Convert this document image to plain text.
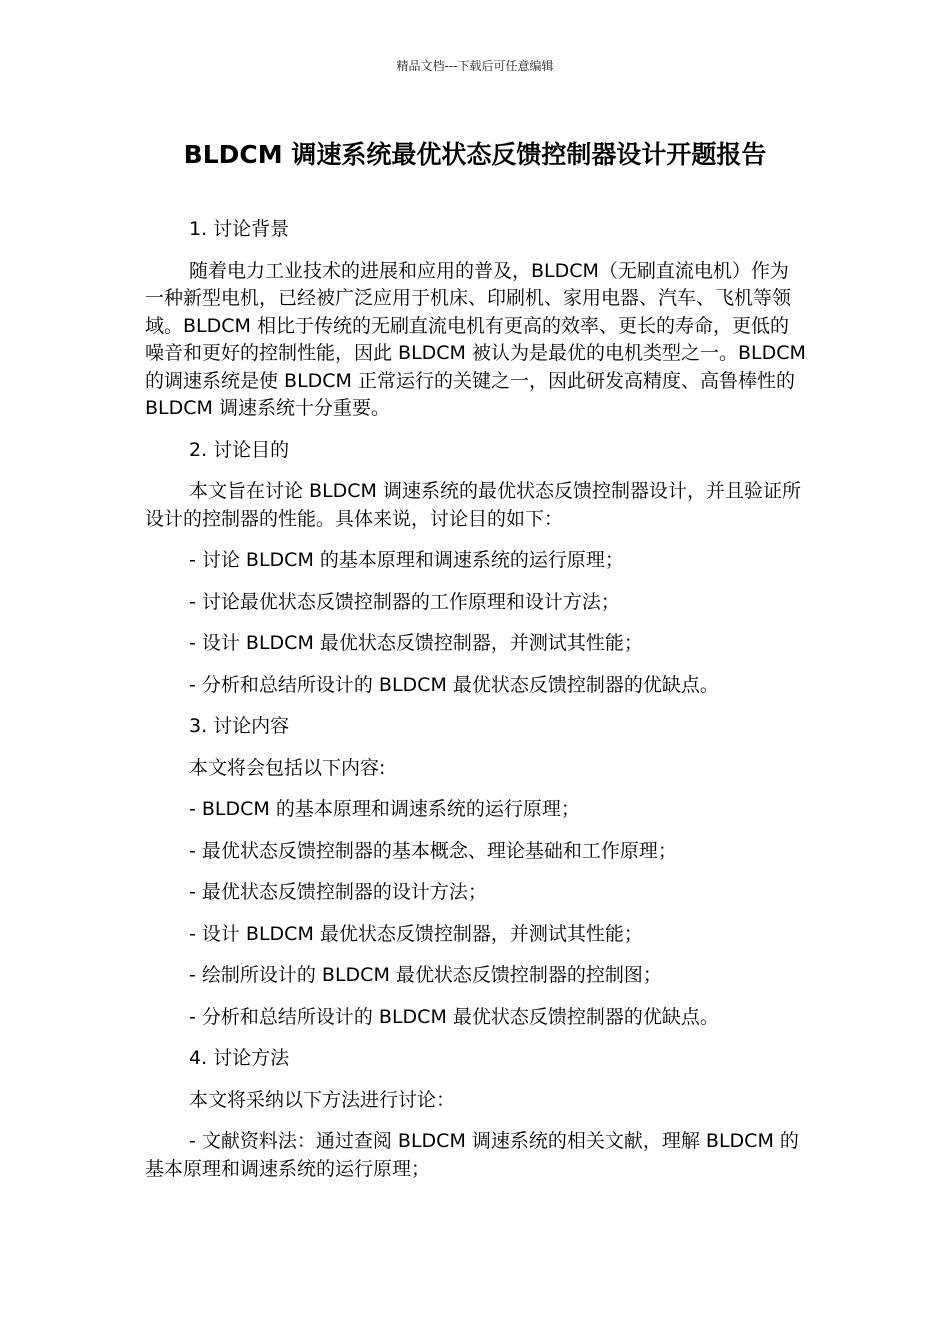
精品文档---下载后可任意编辑
BLDCM 调速系统最优状态反馈控制器设计开题报告

1. 讨论背景

随着电力工业技术的进展和应用的普及，BLDCM（无刷直流电机）作为一种新型电机，已经被广泛应用于机床、印刷机、家用电器、汽车、飞机等领域。BLDCM 相比于传统的无刷直流电机有更高的效率、更长的寿命，更低的噪音和更好的控制性能，因此 BLDCM 被认为是最优的电机类型之一。BLDCM 的调速系统是使 BLDCM 正常运行的关键之一，因此研发高精度、高鲁棒性的 BLDCM 调速系统十分重要。

2. 讨论目的

本文旨在讨论 BLDCM 调速系统的最优状态反馈控制器设计，并且验证所设计的控制器的性能。具体来说，讨论目的如下：

- 讨论 BLDCM 的基本原理和调速系统的运行原理；

- 讨论最优状态反馈控制器的工作原理和设计方法；

- 设计 BLDCM 最优状态反馈控制器，并测试其性能；

- 分析和总结所设计的 BLDCM 最优状态反馈控制器的优缺点。

3. 讨论内容

本文将会包括以下内容:

- BLDCM 的基本原理和调速系统的运行原理；

- 最优状态反馈控制器的基本概念、理论基础和工作原理；

- 最优状态反馈控制器的设计方法；

- 设计 BLDCM 最优状态反馈控制器，并测试其性能；

- 绘制所设计的 BLDCM 最优状态反馈控制器的控制图；

- 分析和总结所设计的 BLDCM 最优状态反馈控制器的优缺点。

4. 讨论方法

本文将采纳以下方法进行讨论：

- 文献资料法：通过查阅 BLDCM 调速系统的相关文献，理解 BLDCM 的基本原理和调速系统的运行原理；
